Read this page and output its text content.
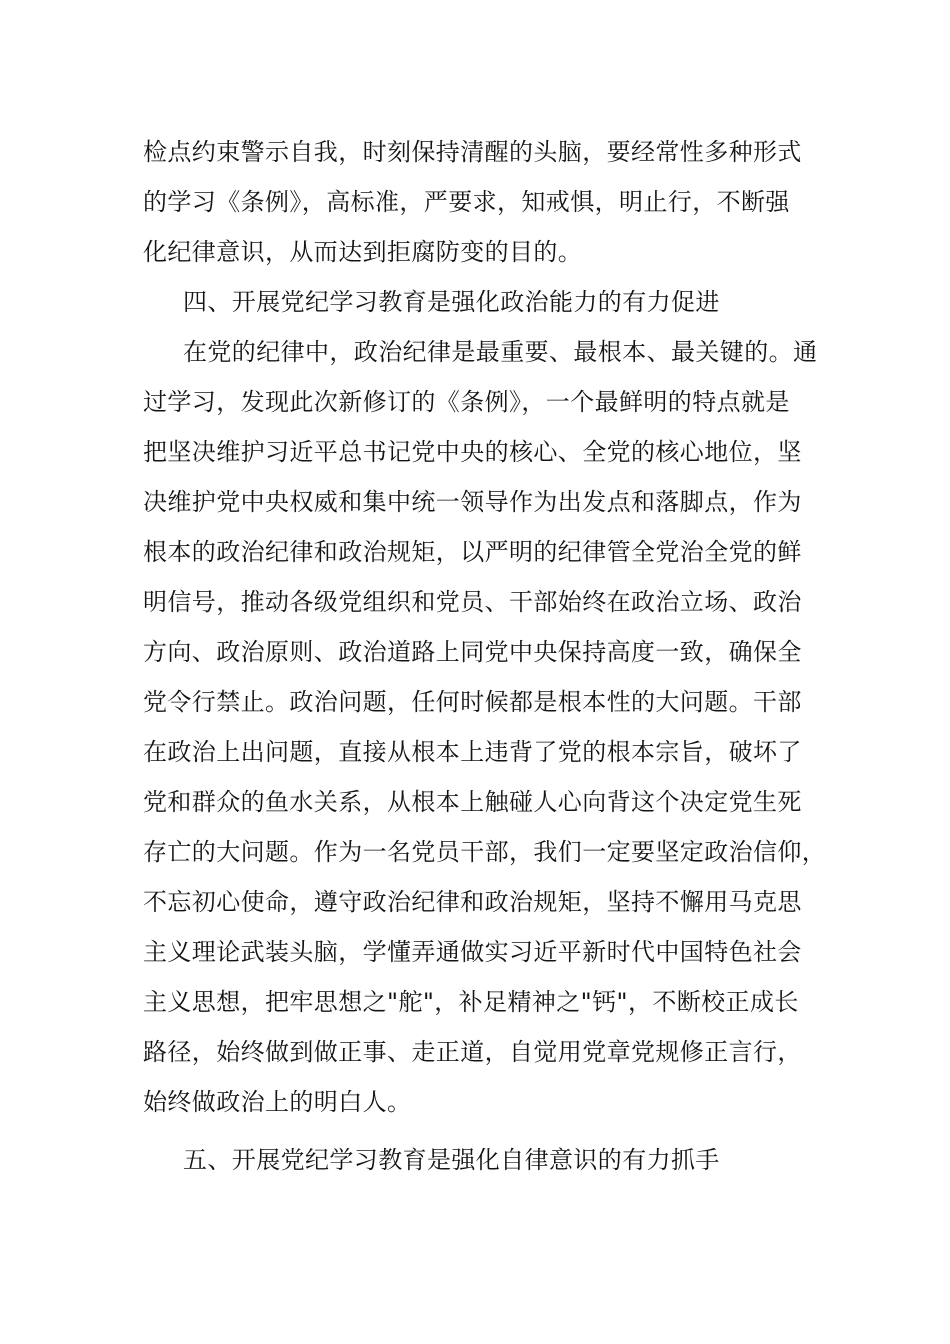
检点约束警示自我，时刻保持清醒的头脑，要经常性多种形式
的学习《条例》，高标准，严要求，知戒惧，明止行，不断强
化纪律意识，从而达到拒腐防变的目的。
四、开展党纪学习教育是强化政治能力的有力促进
在党的纪律中，政治纪律是最重要、最根本、最关键的。通
过学习，发现此次新修订的《条例》，一个最鲜明的特点就是
把坚决维护习近平总书记党中央的核心、全党的核心地位，坚
决维护党中央权威和集中统一领导作为出发点和落脚点，作为
根本的政治纪律和政治规矩，以严明的纪律管全党治全党的鲜
明信号，推动各级党组织和党员、干部始终在政治立场、政治
方向、政治原则、政治道路上同党中央保持高度一致，确保全
党令行禁止。政治问题，任何时候都是根本性的大问题。干部
在政治上出问题，直接从根本上违背了党的根本宗旨，破坏了
党和群众的鱼水关系，从根本上触碰人心向背这个决定党生死
存亡的大问题。作为一名党员干部，我们一定要坚定政治信仰，
不忘初心使命，遵守政治纪律和政治规矩，坚持不懈用马克思
主义理论武装头脑，学懂弄通做实习近平新时代中国特色社会
主义思想，把牢思想之"舵"，补足精神之"钙"，不断校正成长
路径，始终做到做正事、走正道，自觉用党章党规修正言行，
始终做政治上的明白人。
五、开展党纪学习教育是强化自律意识的有力抓手
